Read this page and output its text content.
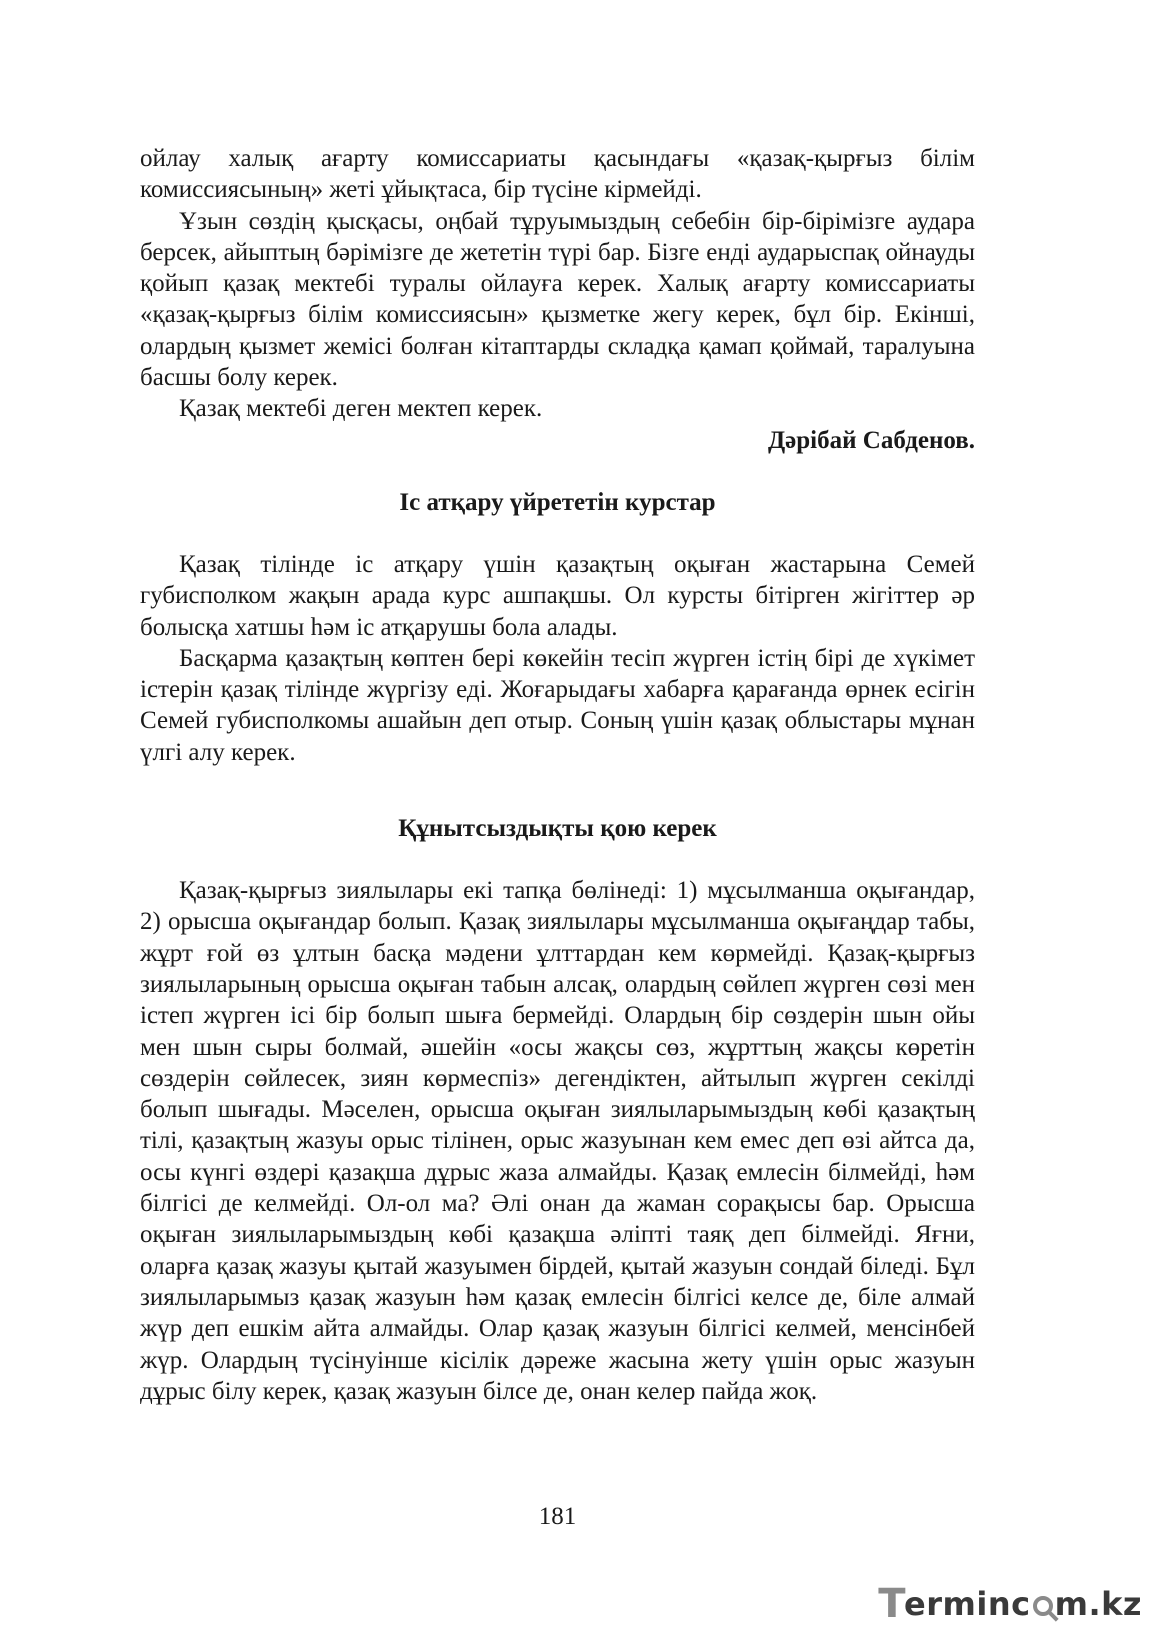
ойлау халық ағарту комиссариаты қасындағы «қазақ-қырғыз білім комиссиясының» жеті ұйықтаса, бір түсіне кірмейді.

Ұзын сөздің қысқасы, оңбай тұруымыздың себебін бір-бірімізге аудара берсек, айыптың бәрімізге де жететін түрі бар. Бізге енді аударыспақ ойнауды қойып қазақ мектебі туралы ойлауға керек. Халық ағарту комиссариаты «қазақ-қырғыз білім комиссиясын» қызметке жегу керек, бұл бір. Екінші, олардың қызмет жемісі болған кітаптарды складқа қамап қоймай, таралуына басшы болу керек.

Қазақ мектебі деген мектеп керек.

Дәрібай Сабденов.
Іс атқару үйрететін курстар

Қазақ тілінде іс атқару үшін қазақтың оқыған жастарына Семей губисполком жақын арада курс ашпақшы. Ол курсты бітірген жігіттер әр болысқа хатшы һәм іс атқарушы бола алады.

Басқарма қазақтың көптен бері көкейін тесіп жүрген істің бірі де хүкімет істерін қазақ тілінде жүргізу еді. Жоғарыдағы хабарға қарағанда өрнек есігін Семей губисполкомы ашайын деп отыр. Соның үшін қазақ облыстары мұнан үлгі алу керек.

Құнытсыздықты қою керек

Қазақ-қырғыз зиялылары екі тапқа бөлінеді: 1) мұсылманша оқығандар, 2) орысша оқығандар болып. Қазақ зиялылары мұсылманша оқығаңдар табы, жұрт ғой өз ұлтын басқа мәдени ұлттардан кем көрмейді. Қазақ-қырғыз зиялыларының орысша оқыған табын алсақ, олардың сөйлеп жүрген сөзі мен істеп жүрген ісі бір болып шыға бермейді. Олардың бір сөздерін шын ойы мен шын сыры болмай, әшейін «осы жақсы сөз, жұрттың жақсы көретін сөздерін сөйлесек, зиян көрмеспіз» дегендіктен, айтылып жүрген секілді болып шығады. Мәселен, орысша оқыған зиялыларымыздың көбі қазақтың тілі, қазақтың жазуы орыс тілінен, орыс жазуынан кем емес деп өзі айтса да, осы күнгі өздері қазақша дұрыс жаза алмайды. Қазақ емлесін білмейді, һәм білгісі де келмейді. Ол-ол ма? Әлі онан да жаман сорақысы бар. Орысша оқыған зиялыларымыздың көбі қазақша әліпті таяқ деп білмейді. Яғни, оларға қазақ жазуы қытай жазуымен бірдей, қытай жазуын сондай біледі. Бұл зиялыларымыз қазақ жазуын һәм қазақ емлесін білгісі келсе де, біле алмай жүр деп ешкім айта алмайды. Олар қазақ жазуын білгісі келмей, менсінбей жүр. Олардың түсінуінше кісілік дәреже жасына жету үшін орыс жазуын дұрыс білу керек, қазақ жазуын білсе де, онан келер пайда жоқ.

181
T
erminc m.kz
